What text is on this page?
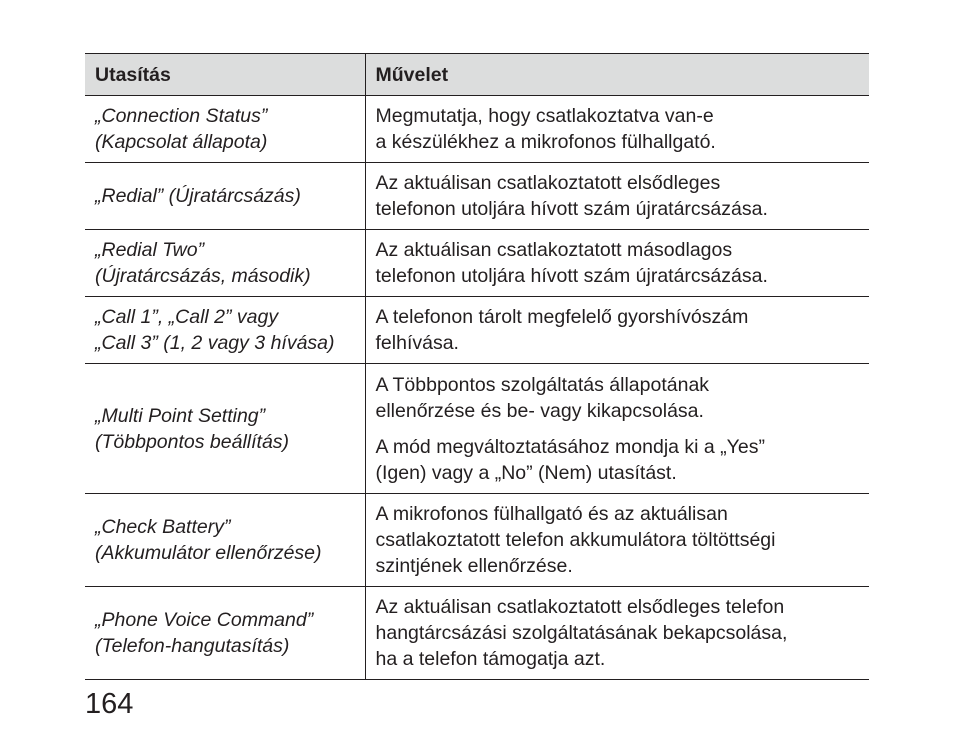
Utasítás	Művelet

„Connection Status”
(Kapcsolat állapota)	Megmutatja, hogy csatlakoztatva van-e
a készülékhez a mikrofonos fülhallgató.

„Redial” (Újratárcsázás)	Az aktuálisan csatlakoztatott elsődleges
telefonon utoljára hívott szám újratárcsázása.

„Redial Two”
(Újratárcsázás, második)	Az aktuálisan csatlakoztatott másodlagos
telefonon utoljára hívott szám újratárcsázása.

„Call 1”, „Call 2” vagy
„Call 3” (1, 2 vagy 3 hívása)	A telefonon tárolt megfelelő gyorshívószám
felhívása.

„Multi Point Setting”
(Többpontos beállítás)	A Többpontos szolgáltatás állapotának
ellenőrzése és be- vagy kikapcsolása.
A mód megváltoztatásához mondja ki a „Yes”
(Igen) vagy a „No” (Nem) utasítást.

„Check Battery”
(Akkumulátor ellenőrzése)	A mikrofonos fülhallgató és az aktuálisan
csatlakoztatott telefon akkumulátora töltöttségi
szintjének ellenőrzése.

„Phone Voice Command”
(Telefon-hangutasítás)	Az aktuálisan csatlakoztatott elsődleges telefon
hangtárcsázási szolgáltatásának bekapcsolása,
ha a telefon támogatja azt.
164
